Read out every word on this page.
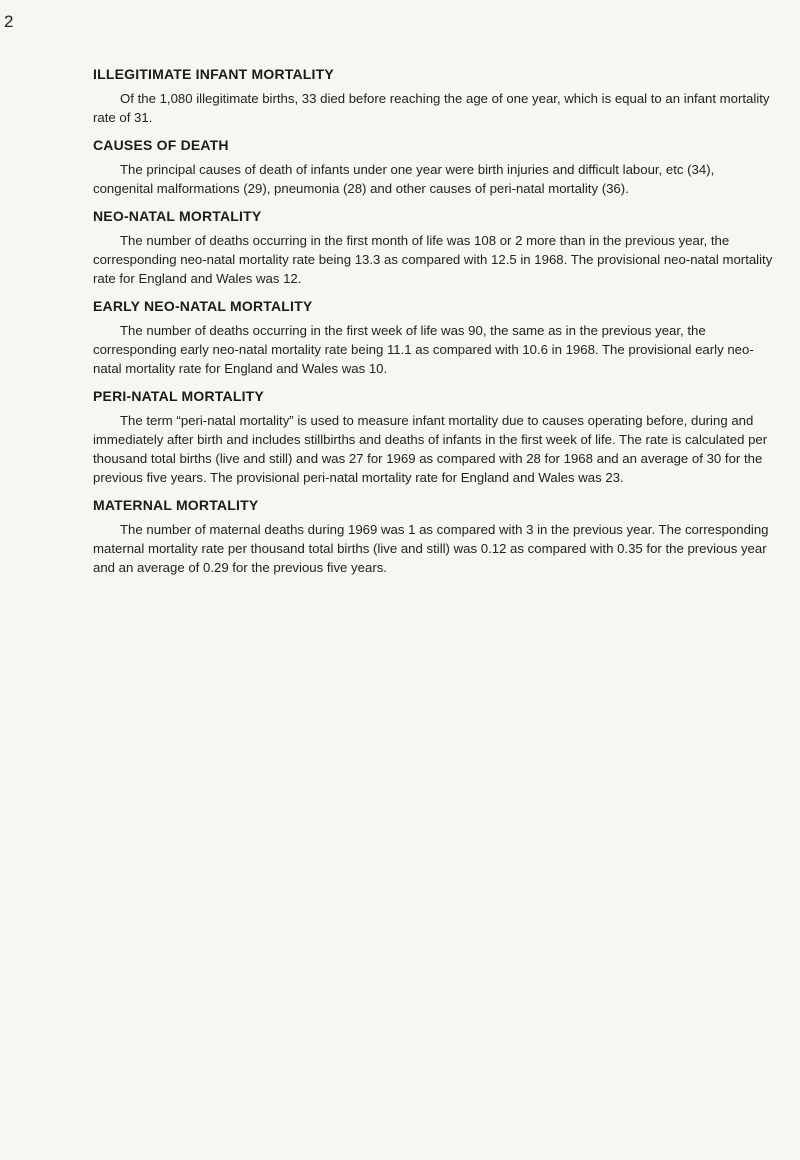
2
ILLEGITIMATE INFANT MORTALITY

Of the 1,080 illegitimate births, 33 died before reaching the age of one year, which is equal to an infant mortality rate of 31.

CAUSES OF DEATH

The principal causes of death of infants under one year were birth injuries and difficult labour, etc (34), congenital malformations (29), pneumonia (28) and other causes of peri-natal mortality (36).

NEO-NATAL MORTALITY

The number of deaths occurring in the first month of life was 108 or 2 more than in the previous year, the corresponding neo-natal mortality rate being 13.3 as compared with 12.5 in 1968. The provisional neo-natal mortality rate for England and Wales was 12.

EARLY NEO-NATAL MORTALITY

The number of deaths occurring in the first week of life was 90, the same as in the previous year, the corresponding early neo-natal mortality rate being 11.1 as compared with 10.6 in 1968. The provisional early neo-natal mortality rate for England and Wales was 10.

PERI-NATAL MORTALITY

The term “peri-natal mortality” is used to measure infant mortality due to causes operating before, during and immediately after birth and includes stillbirths and deaths of infants in the first week of life. The rate is calculated per thousand total births (live and still) and was 27 for 1969 as compared with 28 for 1968 and an average of 30 for the previous five years. The provisional peri-natal mortality rate for England and Wales was 23.

MATERNAL MORTALITY

The number of maternal deaths during 1969 was 1 as compared with 3 in the previous year. The corresponding maternal mortality rate per thousand total births (live and still) was 0.12 as compared with 0.35 for the previous year and an average of 0.29 for the previous five years.
